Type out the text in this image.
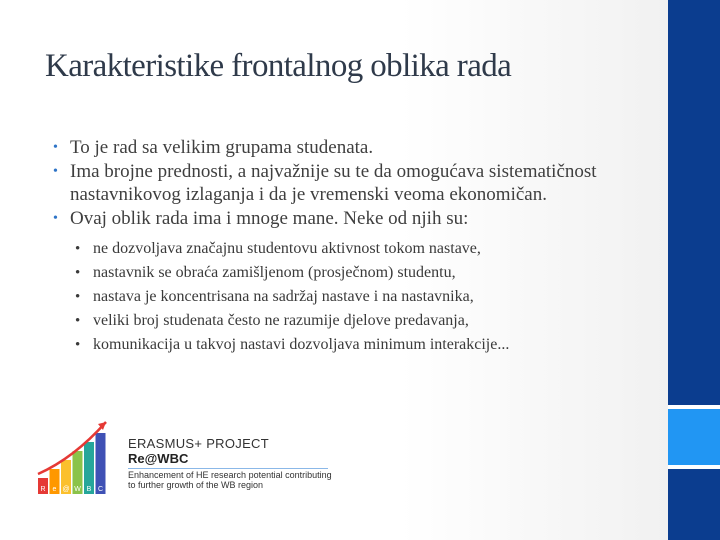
Karakteristike frontalnog oblika rada
• To je rad sa velikim grupama studenata.
• Ima brojne prednosti, a najvažnije su te da omogućava sistematičnost nastavnikovog izlaganja i da je vremenski veoma ekonomičan.
• Ovaj oblik rada ima i mnoge mane. Neke od njih su:
• ne dozvoljava značajnu studentovu aktivnost tokom nastave,
• nastavnik se obraća zamišljenom (prosječnom) studentu,
• nastava je koncentrisana na sadržaj nastave i na nastavnika,
• veliki broj studenata često ne razumije djelove predavanja,
• komunikacija u takvoj nastavi dozvoljava minimum interakcije...
R e @ W B C
ERASMUS+ PROJECT
Re@WBC
Enhancement of HE research potential contributing to further growth of the WB region
